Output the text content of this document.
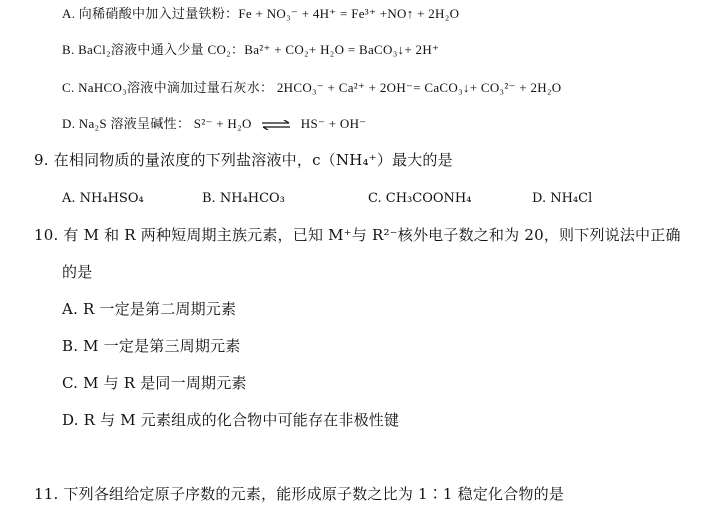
A. 向稀硝酸中加入过量铁粉：Fe + NO₃⁻ + 4H⁺ = Fe³⁺ +NO↑ + 2H₂O
B. BaCl₂溶液中通入少量 CO₂：Ba²⁺ + CO₂+ H₂O = BaCO₃↓+ 2H⁺
C. NaHCO₃溶液中滴加过量石灰水： 2HCO₃⁻ + Ca²⁺ + 2OH⁻= CaCO₃↓+ CO₃²⁻ + 2H₂O
D. Na₂S 溶液呈碱性： S²⁻ + H₂O ⇌ HS⁻ + OH⁻
9. 在相同物质的量浓度的下列盐溶液中，c（NH₄⁺）最大的是
A. NH₄HSO₄	B. NH₄HCO₃	C. CH₃COONH₄	D. NH₄Cl
10. 有 M 和 R 两种短周期主族元素，已知 M⁺与 R²⁻核外电子数之和为 20，则下列说法中正确
的是
A. R 一定是第二周期元素
B. M 一定是第三周期元素
C. M 与 R 是同一周期元素
D. R 与 M 元素组成的化合物中可能存在非极性键
11. 下列各组给定原子序数的元素，能形成原子数之比为 1∶1 稳定化合物的是
